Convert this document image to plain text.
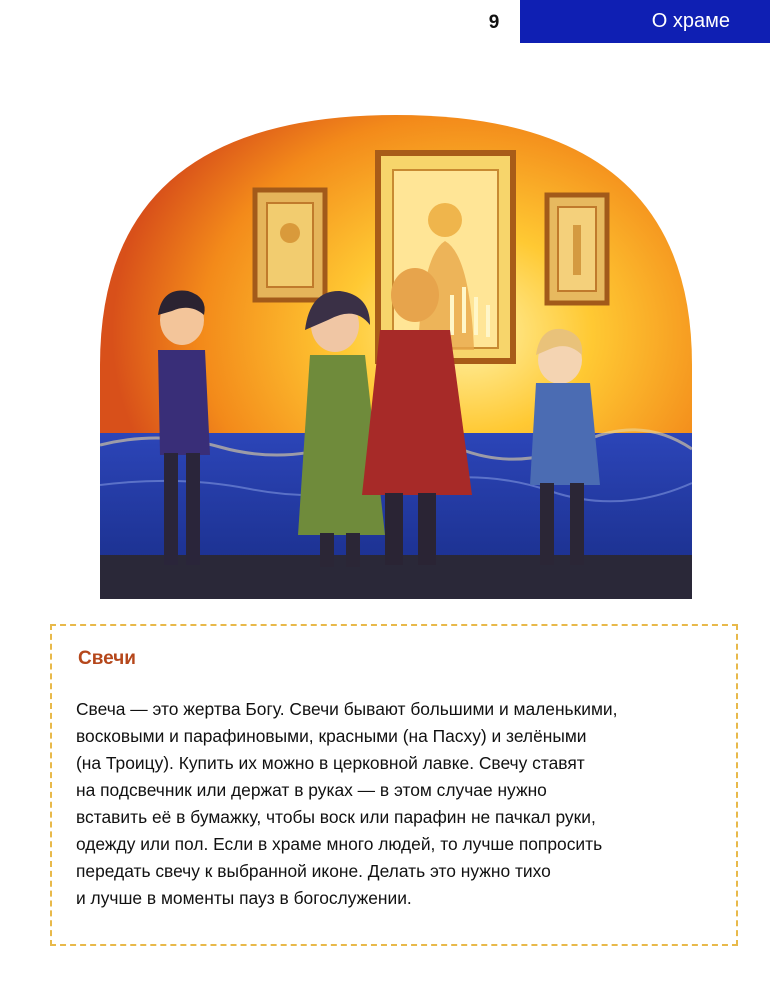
9	О храме
Свечи

Свеча — это жертва Богу. Свечи бывают большими и маленькими,

восковыми и парафиновыми, красными (на Пасху) и зелёными

(на Троицу). Купить их можно в церковной лавке. Свечу ставят

на подсвечник или держат в руках — в этом случае нужно

вставить её в бумажку, чтобы воск или парафин не пачкал руки,

одежду или пол. Если в храме много людей, то лучше попросить

передать свечу к выбранной иконе. Делать это нужно тихо

и лучше в моменты пауз в богослужении.
